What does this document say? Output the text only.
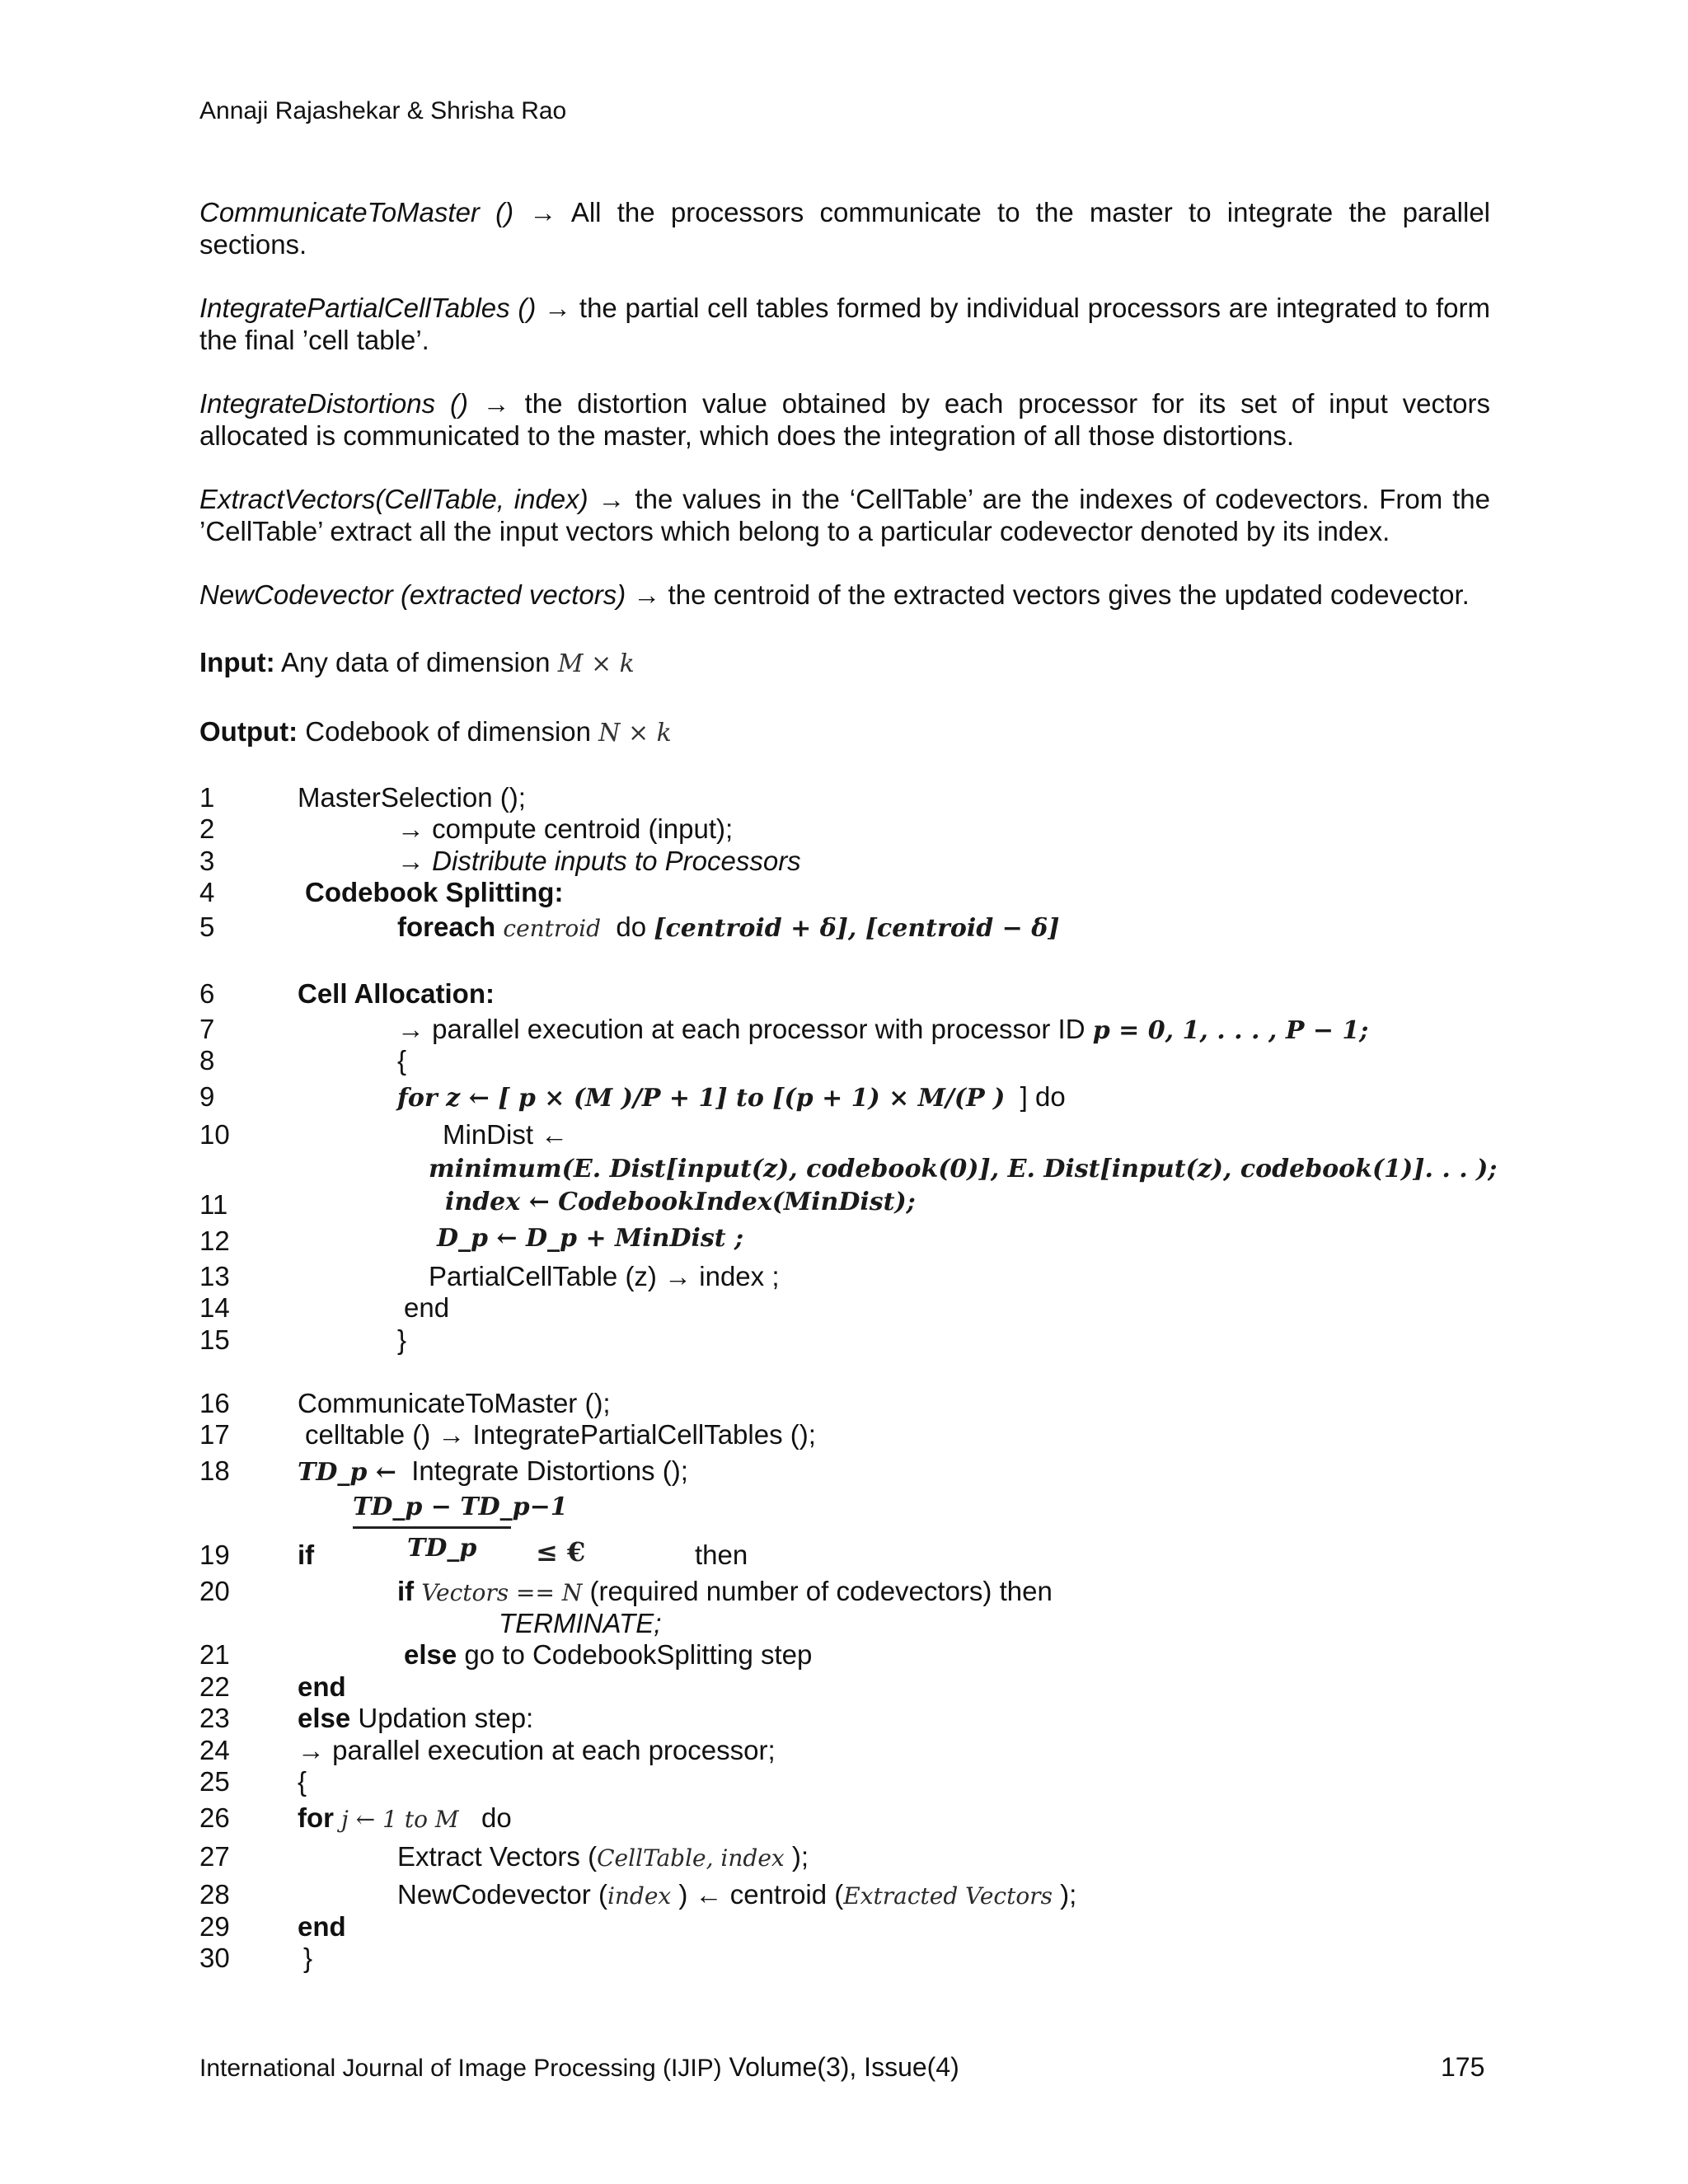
Annaji Rajashekar & Shrisha Rao
CommunicateToMaster () → All the processors communicate to the master to integrate the parallel sections.
IntegratePartialCellTables () → the partial cell tables formed by individual processors are integrated to form the final ’cell table’.
IntegrateDistortions () → the distortion value obtained by each processor for its set of input vectors allocated is communicated to the master, which does the integration of all those distortions.
ExtractVectors(CellTable, index) → the values in the ‘CellTable’ are the indexes of codevectors. From the ’CellTable’ extract all the input vectors which belong to a particular codevector denoted by its index.
NewCodevector (extracted vectors) → the centroid of the extracted vectors gives the updated codevector.
Input: Any data of dimension M × k
Output: Codebook of dimension N × k
1
2
3
4
5
6
7
8
9
10
11
12
13
14
15
16
17
18
19
20
21
22
23
24
25
26
27
28
29
30
MasterSelection ();
→ compute centroid (input);
→ Distribute inputs to Processors
Codebook Splitting:
foreach centroid do [centroid + δ], [centroid − δ]
Cell Allocation:
→ parallel execution at each processor with processor ID p = 0, 1, . . . , P − 1;
{
for z ← [ p × (M )/P + 1] to [(p + 1) × M/(P ) ] do
MinDist ←
minimum(E. Dist[input(z), codebook(0)], E. Dist[input(z), codebook(1)]. . . );
index ← CodebookIndex(MinDist);
D_p ← D_p + MinDist ;
PartialCellTable (z) → index ;
end
}
CommunicateToMaster ();
celltable () → IntegratePartialCellTables ();
TD_p ← Integrate Distortions ();
if
TD_p − TD_p−1
TD_p ≤ €	then
if Vectors == N (required number of codevectors) then
TERMINATE;
else go to CodebookSplitting step
end
else Updation step:
→ parallel execution at each processor;
{
for j ← 1 to M do
Extract Vectors (CellTable, index );
NewCodevector (index ) ← centroid (Extracted Vectors );
end
}
International Journal of Image Processing (IJIP) Volume(3), Issue(4)	175
